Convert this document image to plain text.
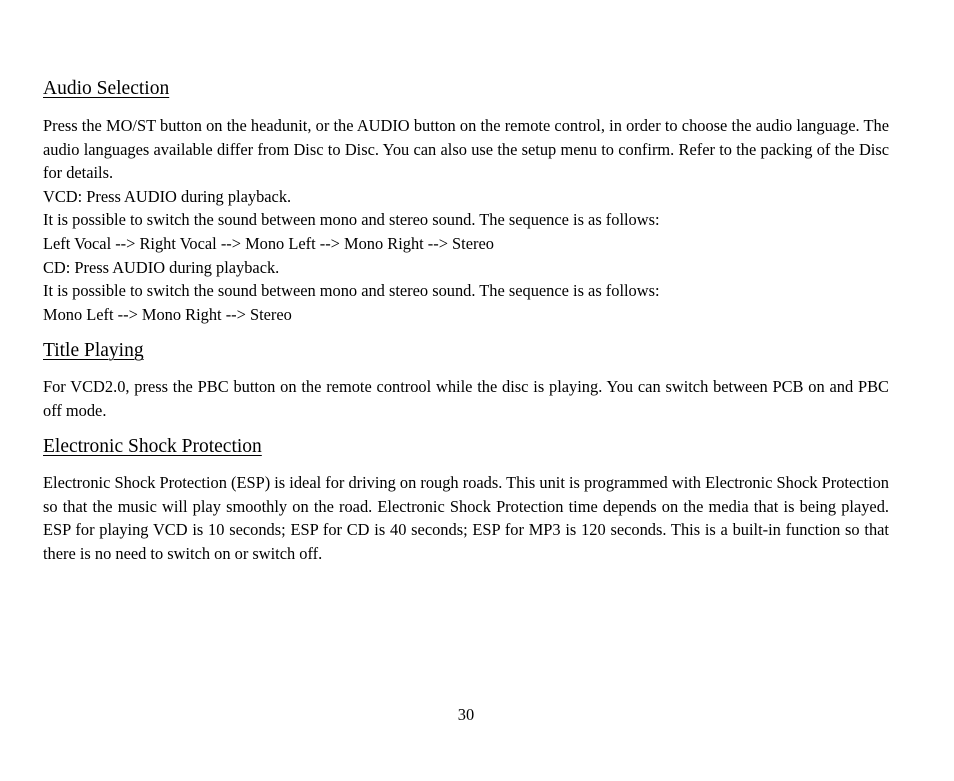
Audio Selection

Press the MO/ST button on the headunit, or the AUDIO button on the remote control, in order to choose the audio language. The audio languages available differ from Disc to Disc. You can also use the setup menu to confirm. Refer to the packing of the Disc for details.

VCD: Press AUDIO during playback.
It is possible to switch the sound between mono and stereo sound. The sequence is as follows:
Left Vocal --> Right Vocal --> Mono Left --> Mono Right --> Stereo
CD: Press AUDIO during playback.
It is possible to switch the sound between mono and stereo sound. The sequence is as follows:
Mono Left --> Mono Right --> Stereo
Title Playing

For VCD2.0, press the PBC button on the remote controol while the disc is playing. You can switch between PCB on and PBC off mode.

Electronic Shock Protection

Electronic Shock Protection (ESP) is ideal for driving on rough roads. This unit is programmed with Electronic Shock Protection so that the music will play smoothly on the road. Electronic Shock Protection time depends on the media that is being played. ESP for playing VCD is 10 seconds; ESP for CD is 40 seconds; ESP for MP3 is 120 seconds. This is a built-in function so that there is no need to switch on or switch off.

30
